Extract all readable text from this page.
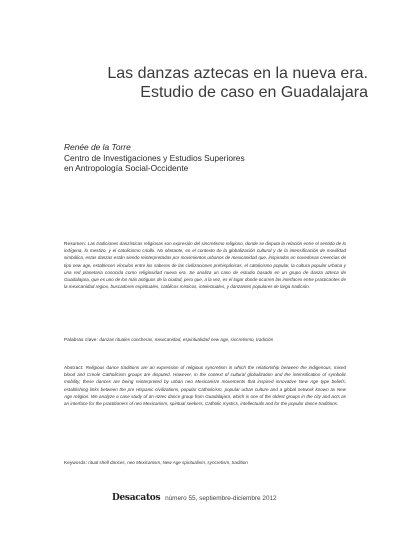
Las danzas aztecas en la nueva era.
Estudio de caso en Guadalajara
Renée de la Torre
Centro de Investigaciones y Estudios Superiores
en Antropología Social-Occidente

Resumen: Las tradiciones danzísticas religiosas son expresión del sincretismo religioso, donde se disputa la relación entre el sentido de lo indígena, lo mestizo, y el catolicismo criollo. No obstante, en el contexto de la globalización cultural y de la intensificación de movilidad simbólica, estas danzas están siendo reinterpretadas por movimientos urbanos de mexicanidad que, inspirados en novedosas creencias de tipo new age, establecen vínculos entre los saberes de las civilizaciones prehispánicas, el catolicismo popular, la cultura popular urbana y una red planetaria conocida como religiosidad nueva era. Se analiza un caso de estudio basado en un grupo de danza azteca de Guadalajara, que es uno de los más antiguos de la ciudad, pero que, a la vez, es el lugar donde ocurren las interfaces entre practicantes de la mexicanidad regios, buscadores espirituales, católicos místicos, intelectuales, y danzantes populares de larga tradición.

Palabras clave: danzas rituales concheras, mexicanidad, espiritualidad new age, sincretismo, tradición

Abstract: Religious dance traditions are an expression of religious syncretism in which the relationship between the indigenous, mixed blood and Creole Catholicism groups are disputed. However, in the context of cultural globalization and the intensification of symbolic mobility, these dances are being reinterpreted by urban neo Mexicanism movements that inspired innovative New Age type beliefs, establishing links between the pre Hispanic civilizations, popular Catholicism, popular urban culture and a global network known as New Age religion. We analyze a case study of an Aztec dance group from Guadalajara, which is one of the oldest groups in the city and acts as an interface for the practitioners of neo Mexicanism, spiritual seekers, Catholic mystics, intellectuals and for the popular dance traditions.

Keywords: ritual shell dances, neo Mexicanism, New Age spiritualism, syncretism, tradition

Desacatos número 55, septiembre-diciembre 2012
